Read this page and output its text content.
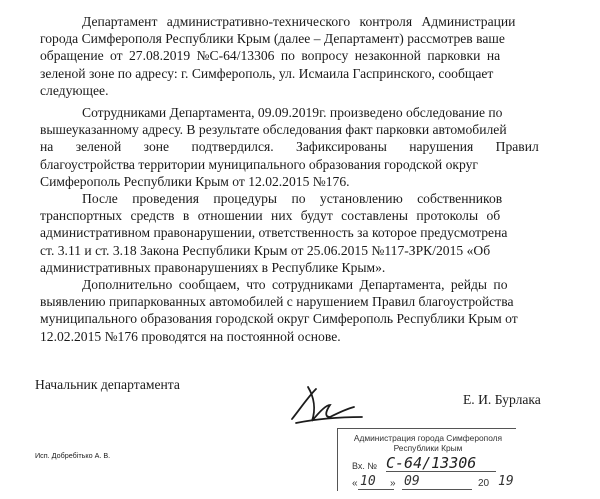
Департамент административно-технического контроля Администрации
города Симферополя Республики Крым (далее – Департамент) рассмотрев ваше
обращение от 27.08.2019 №С-64/13306 по вопросу незаконной парковки на
зеленой зоне по адресу: г. Симферополь, ул. Исмаила Гаспринского, сообщает
следующее.
Сотрудниками Департамента, 09.09.2019г. произведено обследование по
вышеуказанному адресу. В результате обследования факт парковки автомобилей
на зеленой зоне подтвердился. Зафиксированы нарушения Правил
благоустройства территории муниципального образования городской округ
Симферополь Республики Крым от 12.02.2015 №176.
После проведения процедуры по установлению собственников
транспортных средств в отношении них будут составлены протоколы об
административном правонарушении, ответственность за которое предусмотрена
ст. 3.11 и ст. 3.18 Закона Республики Крым от 25.06.2015 №117-ЗРК/2015 «Об
административных правонарушениях в Республике Крым».
Дополнительно сообщаем, что сотрудниками Департамента, рейды по
выявлению припаркованных автомобилей с нарушением Правил благоустройства
муниципального образования городской округ Симферополь Республики Крым от
12.02.2015 №176 проводятся на постоянной основе.
Начальник департамента
Е. И. Бурлака
Исп. Добребітько А. В.
Администрация города Симферополя
Республики Крым
Вх. № С-64/13306
« 10 » 09	20 19
